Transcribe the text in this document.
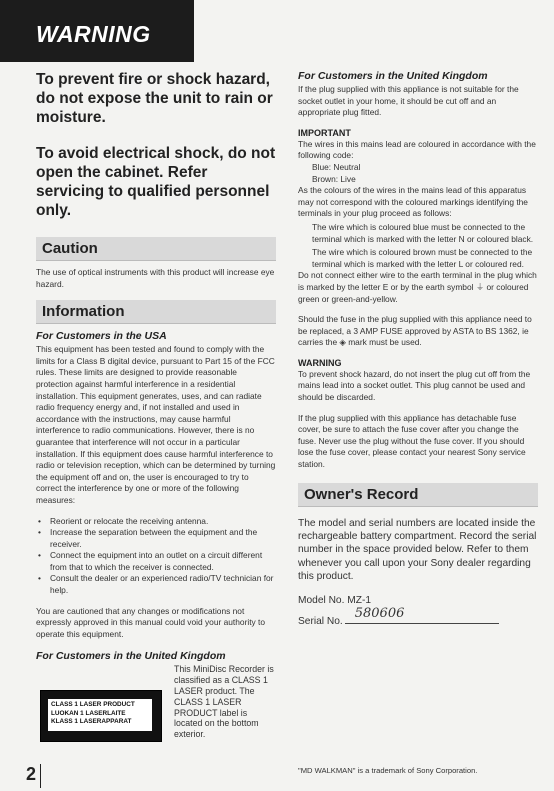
WARNING
To prevent fire or shock hazard, do not expose the unit to rain or moisture.
To avoid electrical shock, do not open the cabinet. Refer servicing to qualified personnel only.
Caution
The use of optical instruments with this product will increase eye hazard.
Information
For Customers in the USA
This equipment has been tested and found to comply with the limits for a Class B digital device, pursuant to Part 15 of the FCC rules. These limits are designed to provide reasonable protection against harmful interference in a residential installation. This equipment generates, uses, and can radiate radio frequency energy and, if not installed and used in accordance with the instructions, may cause harmful interference to radio communications. However, there is no guarantee that interference will not occur in a particular installation. If this equipment does cause harmful interference to radio or television reception, which can be determined by turning the equipment off and on, the user is encouraged to try to correct the interference by one or more of the following measures:
• Reorient or relocate the receiving antenna.
• Increase the separation between the equipment and the receiver.
• Connect the equipment into an outlet on a circuit different from that to which the receiver is connected.
• Consult the dealer or an experienced radio/TV technician for help.
You are cautioned that any changes or modifications not expressly approved in this manual could void your authority to operate this equipment.
For Customers in the United Kingdom
CLASS 1 LASER PRODUCT
LUOKAN 1 LASERLAITE
KLASS 1 LASERAPPARAT
This MiniDisc Recorder is classified as a CLASS 1 LASER product. The CLASS 1 LASER PRODUCT label is located on the bottom exterior.
For Customers in the United Kingdom
If the plug supplied with this appliance is not suitable for the socket outlet in your home, it should be cut off and an appropriate plug fitted.
IMPORTANT
The wires in this mains lead are coloured in accordance with the following code:
Blue: Neutral
Brown: Live
As the colours of the wires in the mains lead of this apparatus may not correspond with the coloured markings identifying the terminals in your plug proceed as follows:
The wire which is coloured blue must be connected to the terminal which is marked with the letter N or coloured black.
The wire which is coloured brown must be connected to the terminal which is marked with the letter L or coloured red.
Do not connect either wire to the earth terminal in the plug which is marked by the letter E or by the earth symbol ⏚ or coloured green or green-and-yellow.
Should the fuse in the plug supplied with this appliance need to be replaced, a 3 AMP FUSE approved by ASTA to BS 1362, ie carries the ◈ mark must be used.
WARNING
To prevent shock hazard, do not insert the plug cut off from the mains lead into a socket outlet. This plug cannot be used and should be discarded.
If the plug supplied with this appliance has detachable fuse cover, be sure to attach the fuse cover after you change the fuse. Never use the plug without the fuse cover. If you should lose the fuse cover, please contact your nearest Sony service station.
Owner's Record
The model and serial numbers are located inside the rechargeable battery compartment. Record the serial number in the space provided below. Refer to them whenever you call upon your Sony dealer regarding this product.
Model No. MZ-1
Serial No.
580606
2	"MD WALKMAN" is a trademark of Sony Corporation.
